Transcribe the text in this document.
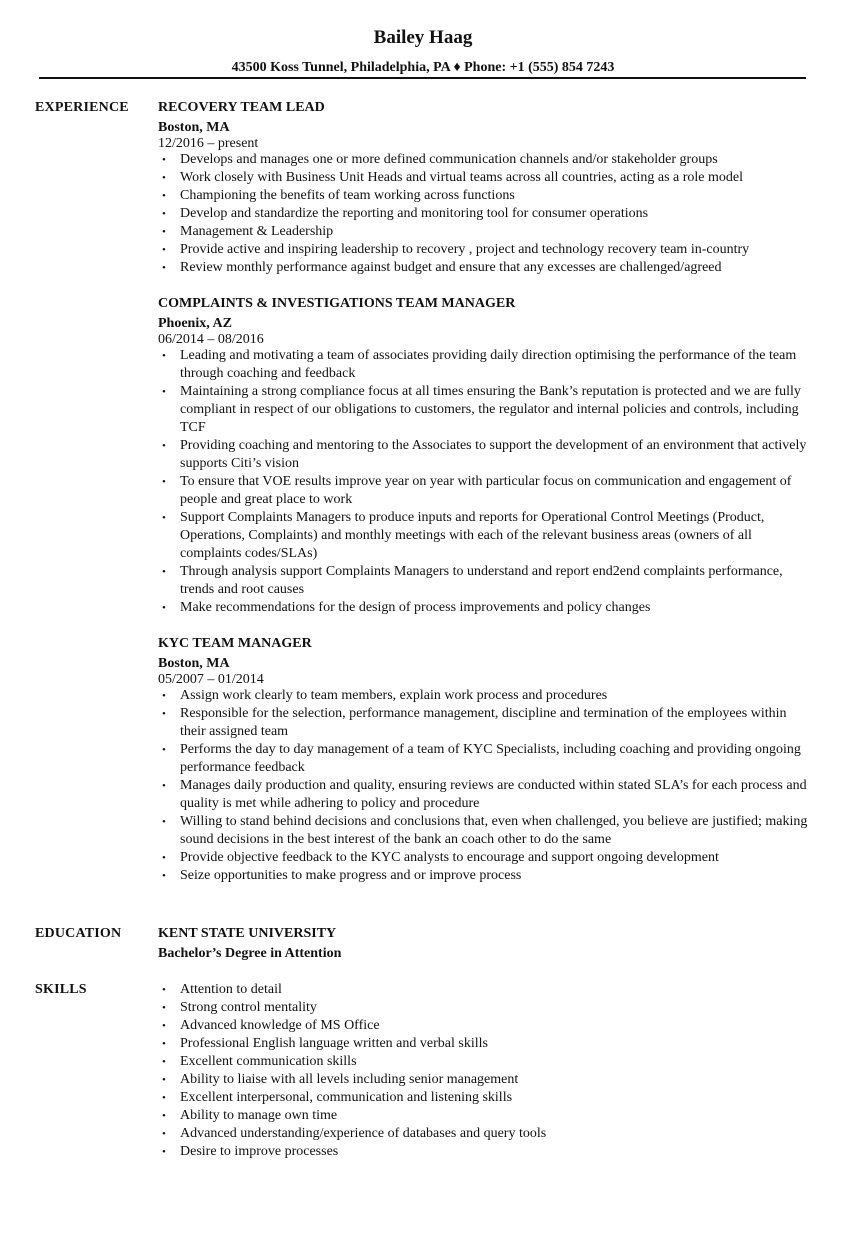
Bailey Haag
43500 Koss Tunnel, Philadelphia, PA ♦ Phone: +1 (555) 854 7243
EXPERIENCE RECOVERY TEAM LEAD
Boston, MA
12/2016 – present
• Develops and manages one or more defined communication channels and/or stakeholder groups
• Work closely with Business Unit Heads and virtual teams across all countries, acting as a role model
• Championing the benefits of team working across functions
• Develop and standardize the reporting and monitoring tool for consumer operations
• Management & Leadership
• Provide active and inspiring leadership to recovery , project and technology recovery team in-country
• Review monthly performance against budget and ensure that any excesses are challenged/agreed
COMPLAINTS & INVESTIGATIONS TEAM MANAGER
Phoenix, AZ
06/2014 – 08/2016
• Leading and motivating a team of associates providing daily direction optimising the performance of the team through coaching and feedback
• Maintaining a strong compliance focus at all times ensuring the Bank’s reputation is protected and we are fully compliant in respect of our obligations to customers, the regulator and internal policies and controls, including TCF
• Providing coaching and mentoring to the Associates to support the development of an environment that actively supports Citi’s vision
• To ensure that VOE results improve year on year with particular focus on communication and engagement of people and great place to work
• Support Complaints Managers to produce inputs and reports for Operational Control Meetings (Product, Operations, Complaints) and monthly meetings with each of the relevant business areas (owners of all complaints codes/SLAs)
• Through analysis support Complaints Managers to understand and report end2end complaints performance, trends and root causes
• Make recommendations for the design of process improvements and policy changes
KYC TEAM MANAGER
Boston, MA
05/2007 – 01/2014
• Assign work clearly to team members, explain work process and procedures
• Responsible for the selection, performance management, discipline and termination of the employees within their assigned team
• Performs the day to day management of a team of KYC Specialists, including coaching and providing ongoing performance feedback
• Manages daily production and quality, ensuring reviews are conducted within stated SLA’s for each process and quality is met while adhering to policy and procedure
• Willing to stand behind decisions and conclusions that, even when challenged, you believe are justified; making sound decisions in the best interest of the bank an coach other to do the same
• Provide objective feedback to the KYC analysts to encourage and support ongoing development
• Seize opportunities to make progress and or improve process
EDUCATION	KENT STATE UNIVERSITY
Bachelor’s Degree in Attention
SKILLS	• Attention to detail
• Strong control mentality
• Advanced knowledge of MS Office
• Professional English language written and verbal skills
• Excellent communication skills
• Ability to liaise with all levels including senior management
• Excellent interpersonal, communication and listening skills
• Ability to manage own time
• Advanced understanding/experience of databases and query tools
• Desire to improve processes
